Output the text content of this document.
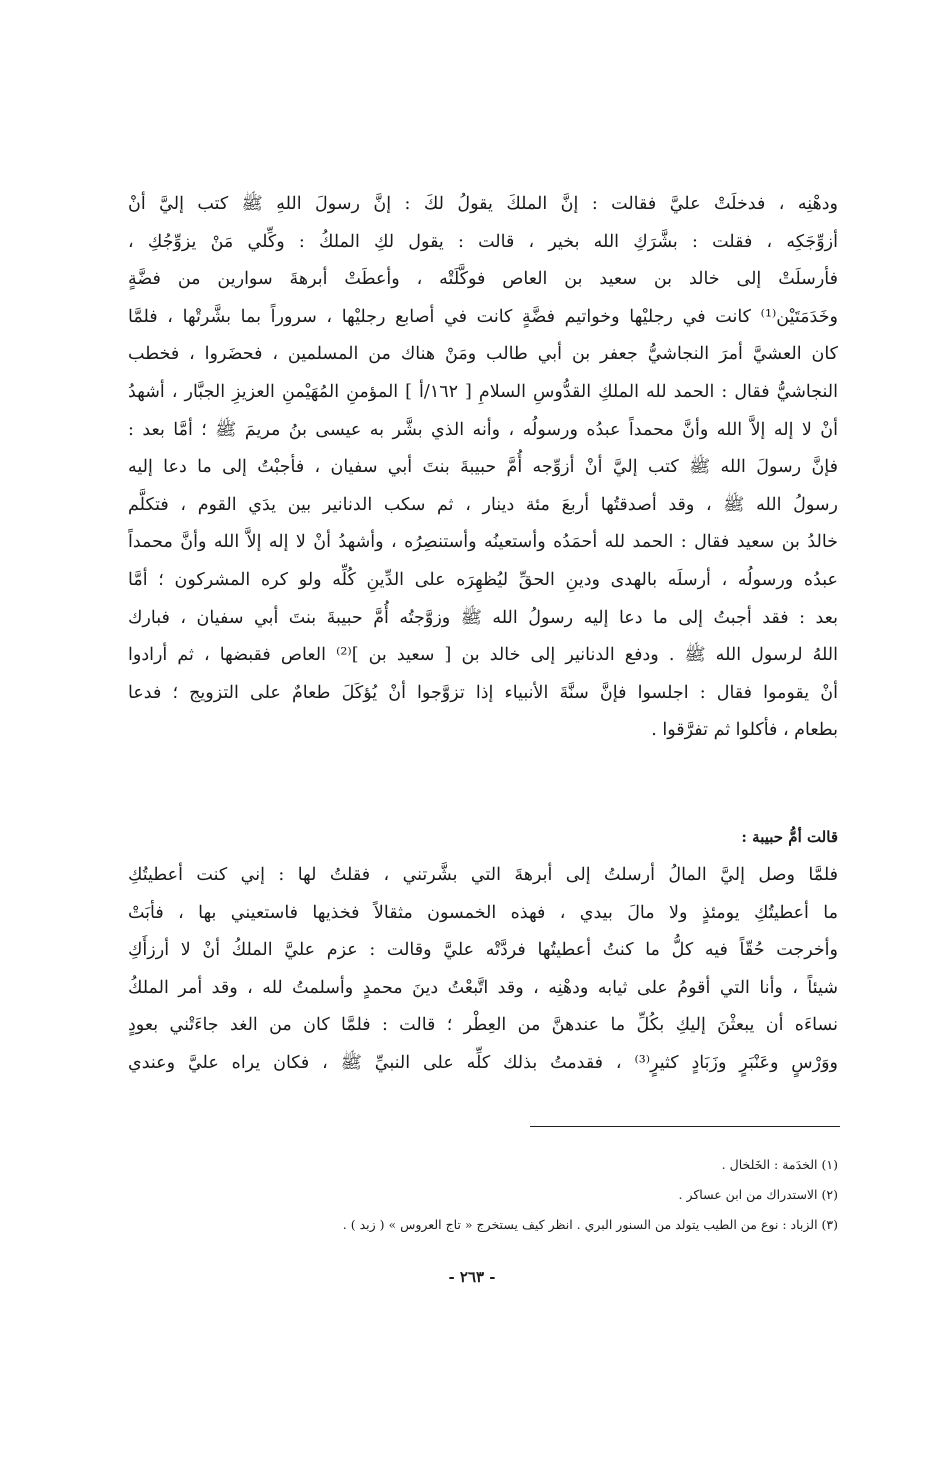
ودهْنِه ، فدخلَتْ عليَّ فقالت : إنَّ الملكَ يقولُ لكَ : إنَّ رسولَ اللهِ ﷺ كتب إليَّ أنْ
أزوِّجَكِه ، فقلت : بشَّرَكِ الله بخير ، قالت : يقول لكِ الملكُ : وكِّلي مَنْ يزوِّجُكِ ،
فأرسلَتْ إلى خالد بن سعيد بن العاص فوكَّلَتْه ، وأعطَتْ أبرهةَ سوارين من فضَّةٍ
وخَدَمَتَيْن⁽¹⁾ كانت في رجليْها وخواتيم فضَّةٍ كانت في أصابع رجليْها ، سروراً بما بشَّرتْها ، فلمَّا
كان العشيَّ أمرَ النجاشيُّ جعفر بن أبي طالب ومَنْ هناك من المسلمين ، فحضَروا ، فخطب
النجاشيُّ فقال : الحمد لله الملكِ القدُّوسِ السلامِ [ ١٦٢/أ ] المؤمنِ المُهَيْمنِ العزيزِ الجبَّار ، أشهدُ
أنْ لا إله إلاَّ الله وأنَّ محمداً عبدُه ورسولُه ، وأنه الذي بشَّر به عيسى بنُ مريمَ ﷺ ؛ أمَّا بعد :
فإنَّ رسولَ الله ﷺ كتب إليَّ أنْ أزوِّجه أُمَّ حبيبةَ بنتَ أبي سفيان ، فأجبْتُ إلى ما دعا إليه
رسولُ الله ﷺ ، وقد أصدقتُها أربعَ مئة دينار ، ثم سكب الدنانير بين يدَي القوم ، فتكلَّم
خالدُ بن سعيد فقال : الحمد لله أحمَدُه وأستعينُه وأستنصِرُه ، وأشهدُ أنْ لا إله إلاَّ الله وأنَّ محمداً
عبدُه ورسولُه ، أرسلَه بالهدى ودينِ الحقِّ ليُظهِرَه على الدِّينِ كُلِّه ولو كره المشركون ؛ أمَّا
بعد : فقد أجبتُ إلى ما دعا إليه رسولُ الله ﷺ وزوَّجتُه أُمَّ حبيبةَ بنتَ أبي سفيان ، فبارك
اللهُ لرسول الله ﷺ . ودفع الدنانير إلى خالد بن [ سعيد بن ]⁽²⁾ العاص فقبضها ، ثم أرادوا
أنْ يقوموا فقال : اجلسوا فإنَّ سنَّةَ الأنبياء إذا تزوَّجوا أنْ يُؤكَلَ طعامٌ على التزويج ؛ فدعا
بطعام ، فأكلوا ثم تفرَّقوا .
قالت أمُّ حبيبة :
فلمَّا وصل إليَّ المالُ أرسلتُ إلى أبرهةَ التي بشَّرتني ، فقلتُ لها : إني كنت أعطيتُكِ
ما أعطيتُكِ يومئذٍ ولا مالَ بيدي ، فهذه الخمسون مثقالاً فخذيها فاستعيني بها ، فأبَتْ
وأخرجت حُقّاً فيه كلُّ ما كنتُ أعطيتُها فردَّتْه عليَّ وقالت : عزم عليَّ الملكُ أنْ لا أرزأَكِ
شيئاً ، وأنا التي أقومُ على ثيابه ودهْنِه ، وقد اتَّبعْتُ دينَ محمدٍ وأسلمتُ لله ، وقد أمر الملكُ
نساءَه أن يبعثْنَ إليكِ بكُلِّ ما عندهنَّ من العِطْر ؛ قالت : فلمَّا كان من الغد جاءَتْني بعودٍ
ووَرْسٍ وعَنْبَرٍ وزَبَادٍ كثيرٍ⁽³⁾ ، فقدمتُ بذلك كلِّه على النبيِّ ﷺ ، فكان يراه عليَّ وعندي
(١) الخدَمة : الخَلخال .
(٢) الاستدراك من ابن عساكر .
(٣) الزباد : نوع من الطيب يتولد من السنور البري . انظر كيف يستخرج « تاج العروس » ( زبد ) .
- ٢٦٣ -
